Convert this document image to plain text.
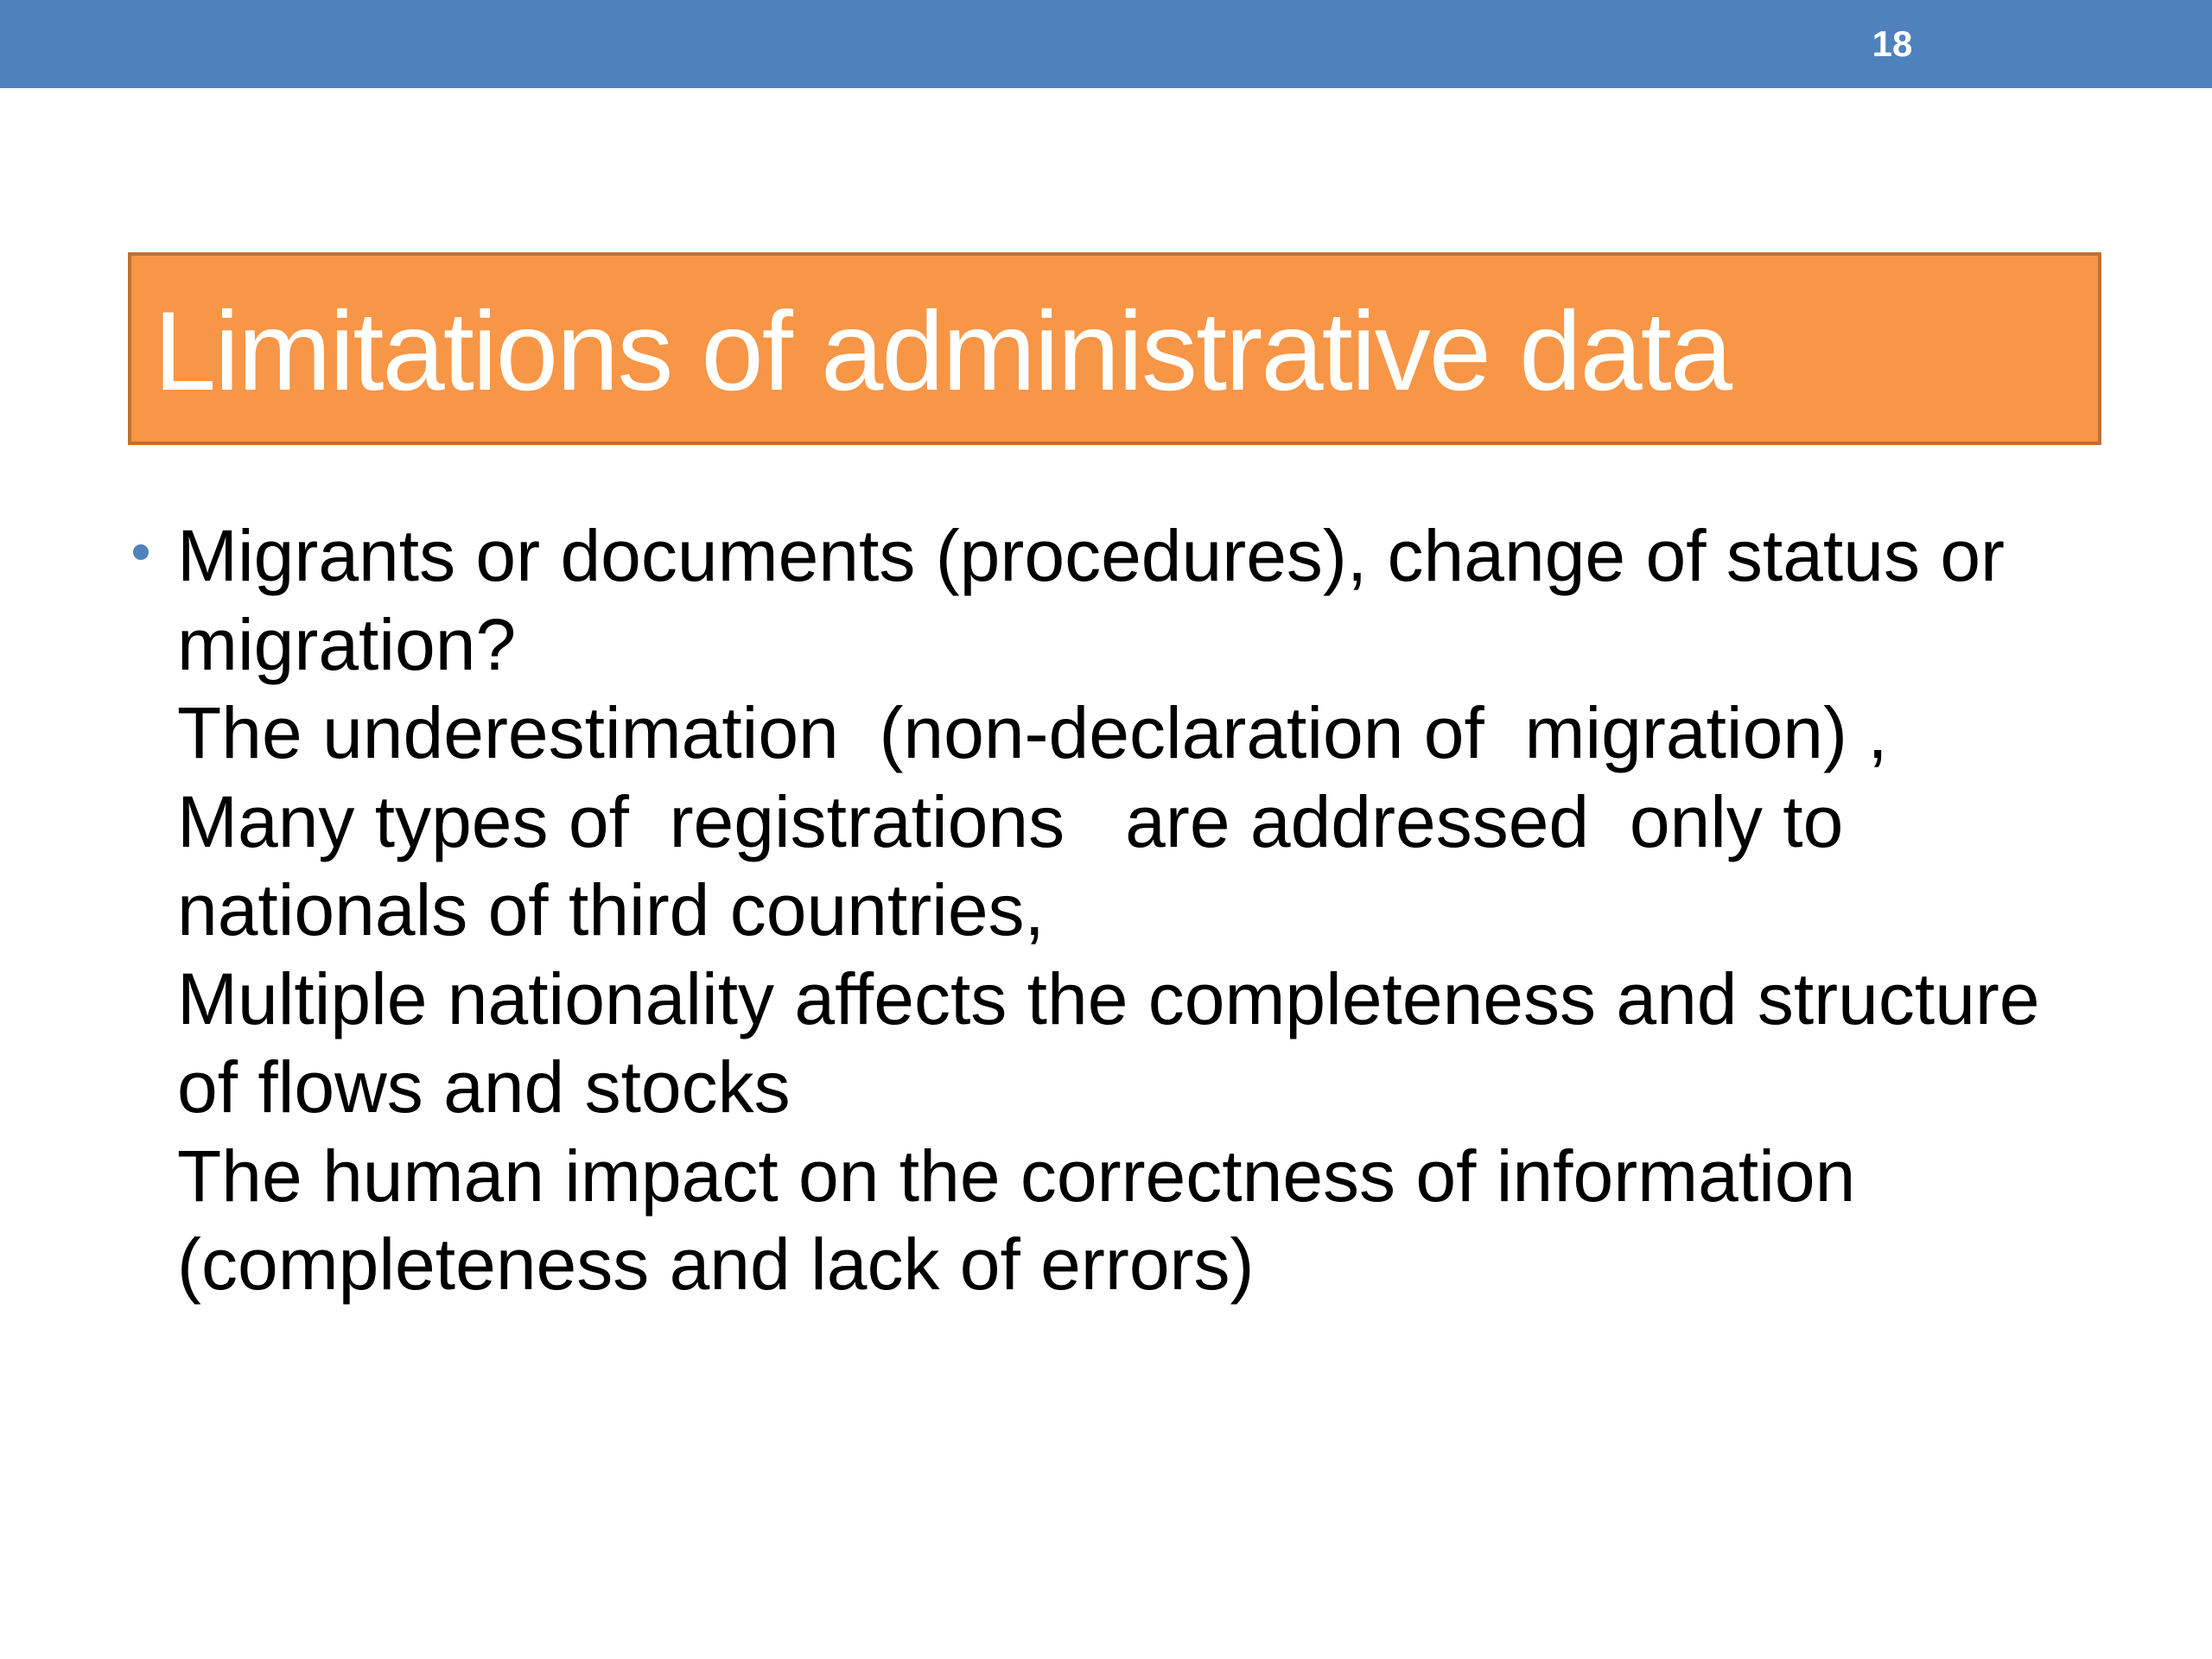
18
Limitations of administrative data
Migrants or documents (procedures), change of status or
migration?
The underestimation  (non-declaration of  migration) ,
Many types of  registrations   are addressed  only to
nationals of third countries,
Multiple nationality affects the completeness and structure
of flows and stocks
The human impact on the correctness of information
(completeness and lack of errors)
